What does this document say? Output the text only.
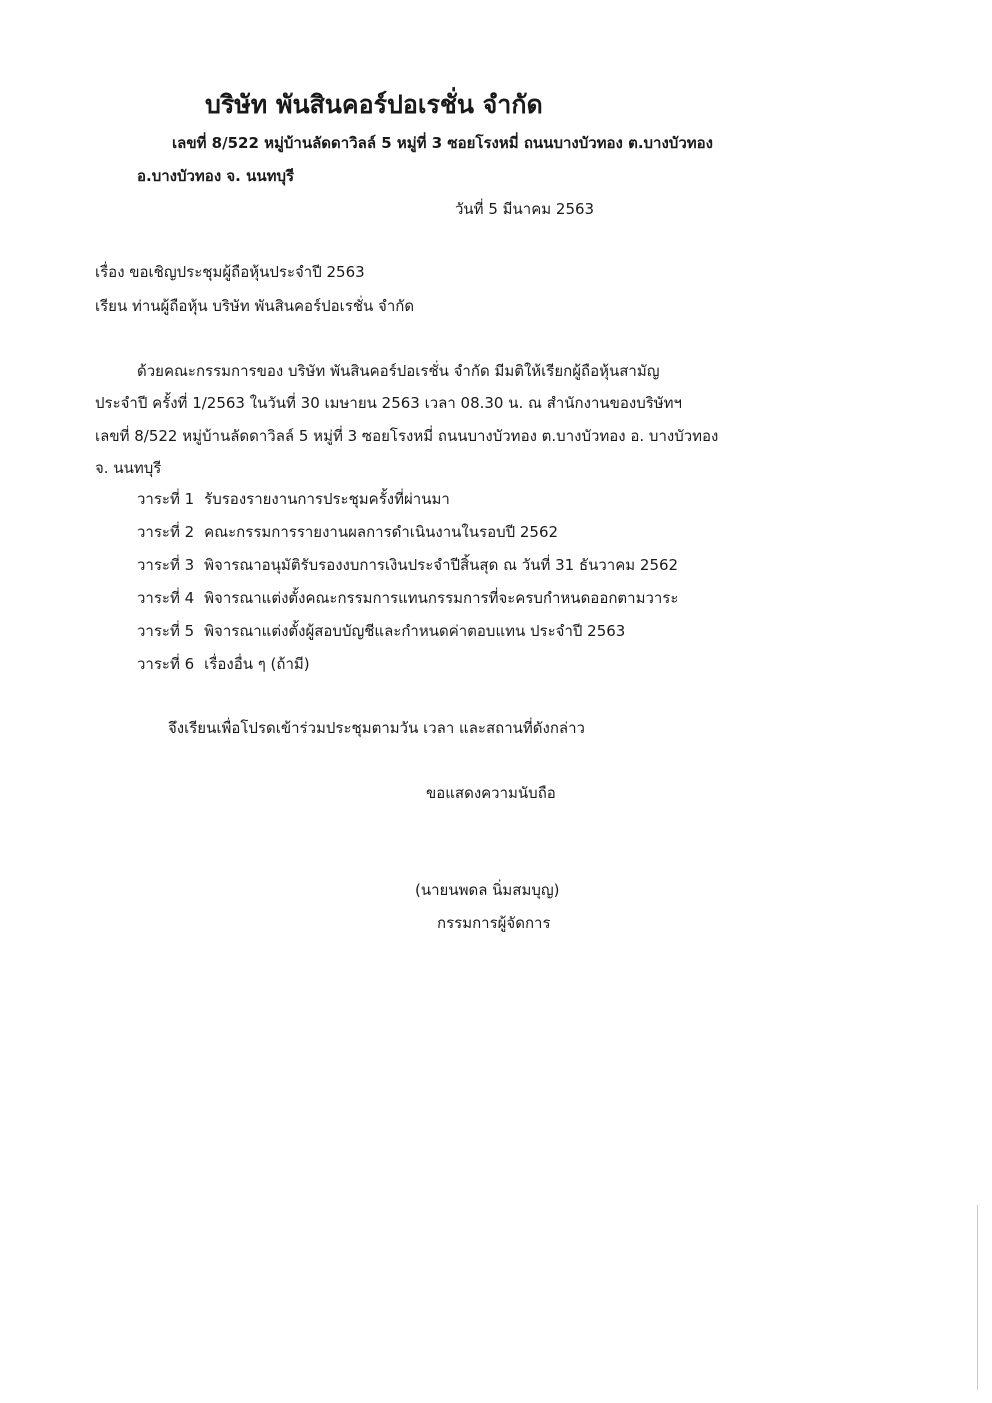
บริษัท พันสินคอร์ปอเรชั่น จำกัด
เลขที่ 8/522 หมู่บ้านลัดดาวิลล์ 5 หมู่ที่ 3 ซอยโรงหมี่ ถนนบางบัวทอง ต.บางบัวทอง
อ.บางบัวทอง จ. นนทบุรี
วันที่ 5 มีนาคม 2563
เรื่อง ขอเชิญประชุมผู้ถือหุ้นประจำปี 2563
เรียน ท่านผู้ถือหุ้น บริษัท พันสินคอร์ปอเรชั่น จำกัด
ด้วยคณะกรรมการของ บริษัท พันสินคอร์ปอเรชั่น จำกัด มีมติให้เรียกผู้ถือหุ้นสามัญ
ประจำปี ครั้งที่ 1/2563 ในวันที่ 30 เมษายน 2563 เวลา 08.30 น. ณ สำนักงานของบริษัทฯ
เลขที่ 8/522 หมู่บ้านลัดดาวิลล์ 5 หมู่ที่ 3 ซอยโรงหมี่ ถนนบางบัวทอง ต.บางบัวทอง อ. บางบัวทอง
จ. นนทบุรี
วาระที่ 1 รับรองรายงานการประชุมครั้งที่ผ่านมา
วาระที่ 2 คณะกรรมการรายงานผลการดำเนินงานในรอบปี 2562
วาระที่ 3 พิจารณาอนุมัติรับรองงบการเงินประจำปีสิ้นสุด ณ วันที่ 31 ธันวาคม 2562
วาระที่ 4 พิจารณาแต่งตั้งคณะกรรมการแทนกรรมการที่จะครบกำหนดออกตามวาระ
วาระที่ 5 พิจารณาแต่งตั้งผู้สอบบัญชีและกำหนดค่าตอบแทน ประจำปี 2563
วาระที่ 6 เรื่องอื่น ๆ (ถ้ามี)
จึงเรียนเพื่อโปรดเข้าร่วมประชุมตามวัน เวลา และสถานที่ดังกล่าว
ขอแสดงความนับถือ
(นายนพดล นิ่มสมบุญ)
กรรมการผู้จัดการ
